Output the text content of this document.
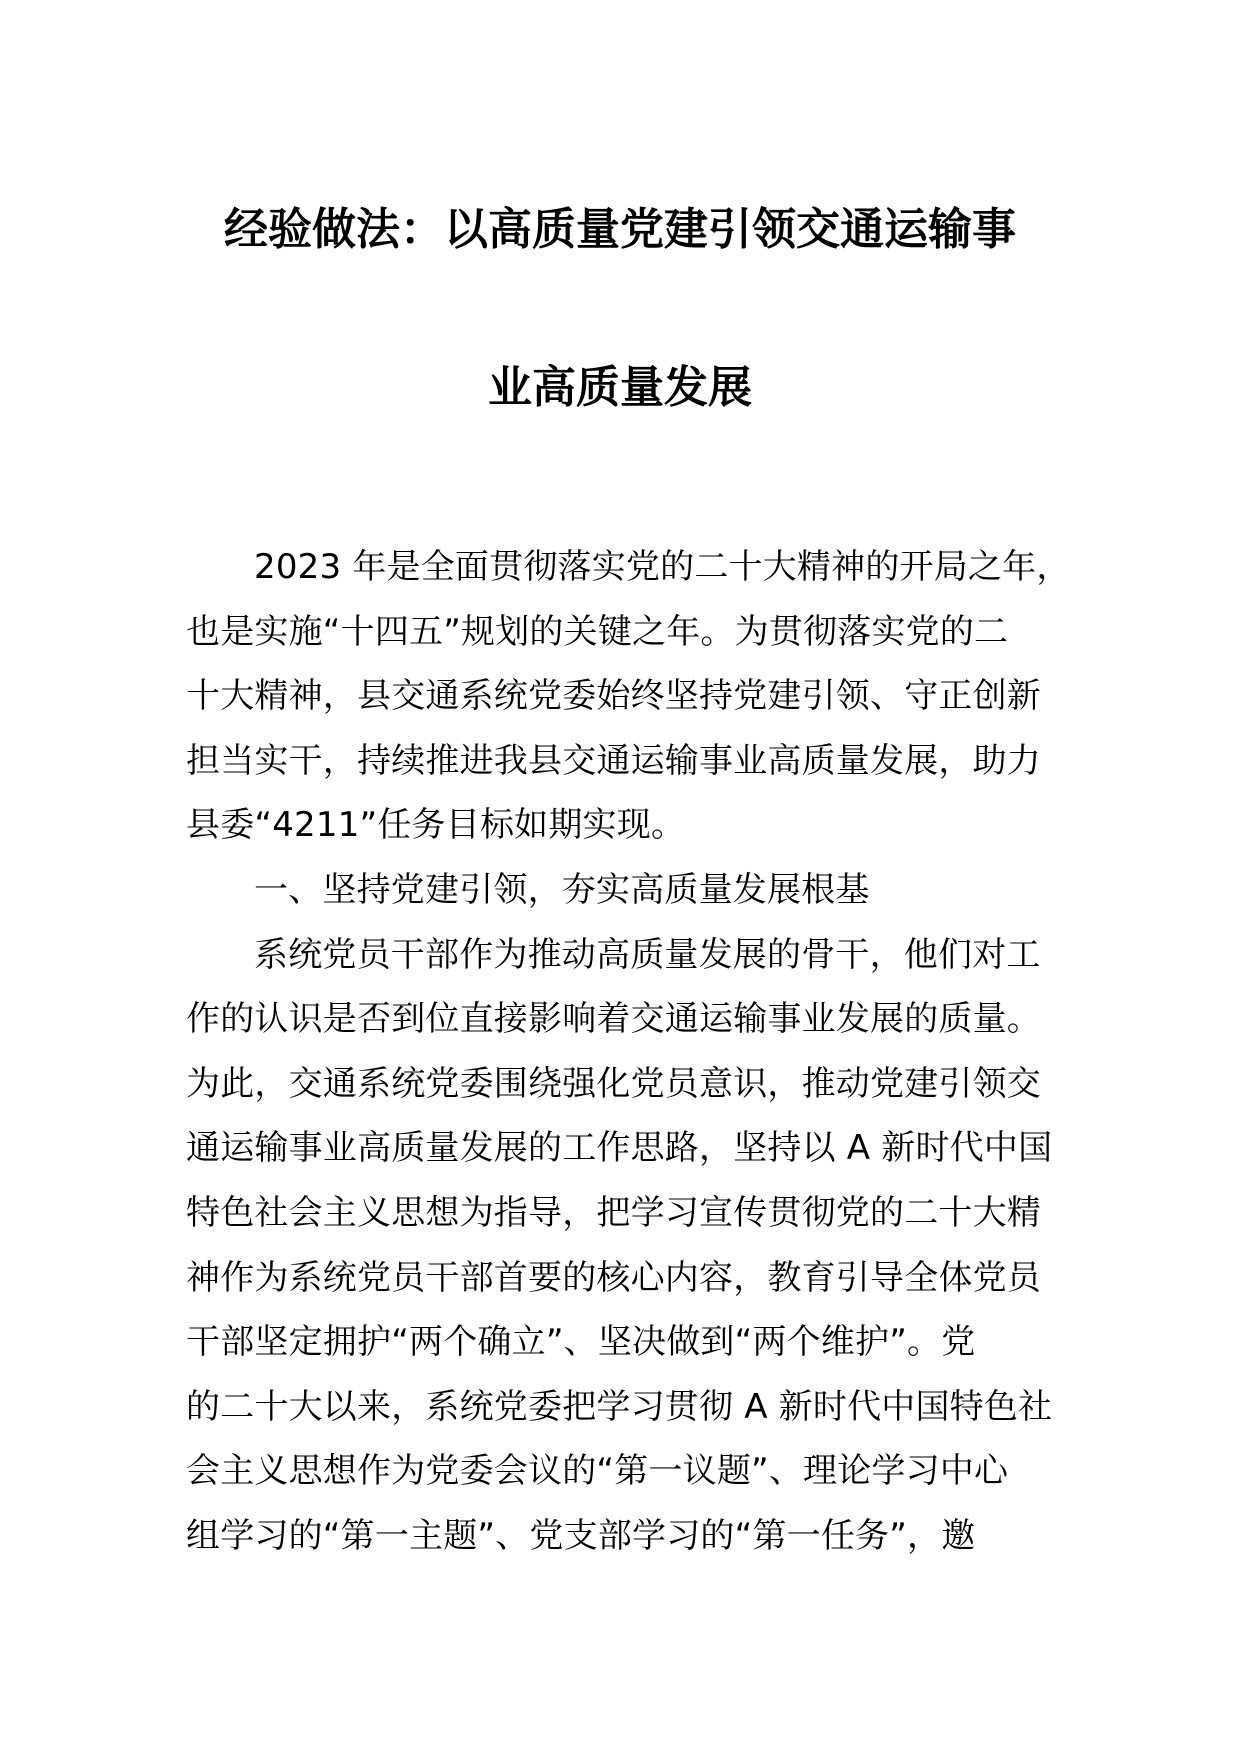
经验做法：以高质量党建引领交通运输事
业高质量发展
2023 年是全面贯彻落实党的二十大精神的开局之年，
也是实施“十四五”规划的关键之年。为贯彻落实党的二
十大精神，县交通系统党委始终坚持党建引领、守正创新
担当实干，持续推进我县交通运输事业高质量发展，助力
县委“4211”任务目标如期实现。
一、坚持党建引领，夯实高质量发展根基
系统党员干部作为推动高质量发展的骨干，他们对工
作的认识是否到位直接影响着交通运输事业发展的质量。
为此，交通系统党委围绕强化党员意识，推动党建引领交
通运输事业高质量发展的工作思路，坚持以 A 新时代中国
特色社会主义思想为指导，把学习宣传贯彻党的二十大精
神作为系统党员干部首要的核心内容，教育引导全体党员
干部坚定拥护“两个确立”、坚决做到“两个维护”。党
的二十大以来，系统党委把学习贯彻 A 新时代中国特色社
会主义思想作为党委会议的“第一议题”、理论学习中心
组学习的“第一主题”、党支部学习的“第一任务”，邀
